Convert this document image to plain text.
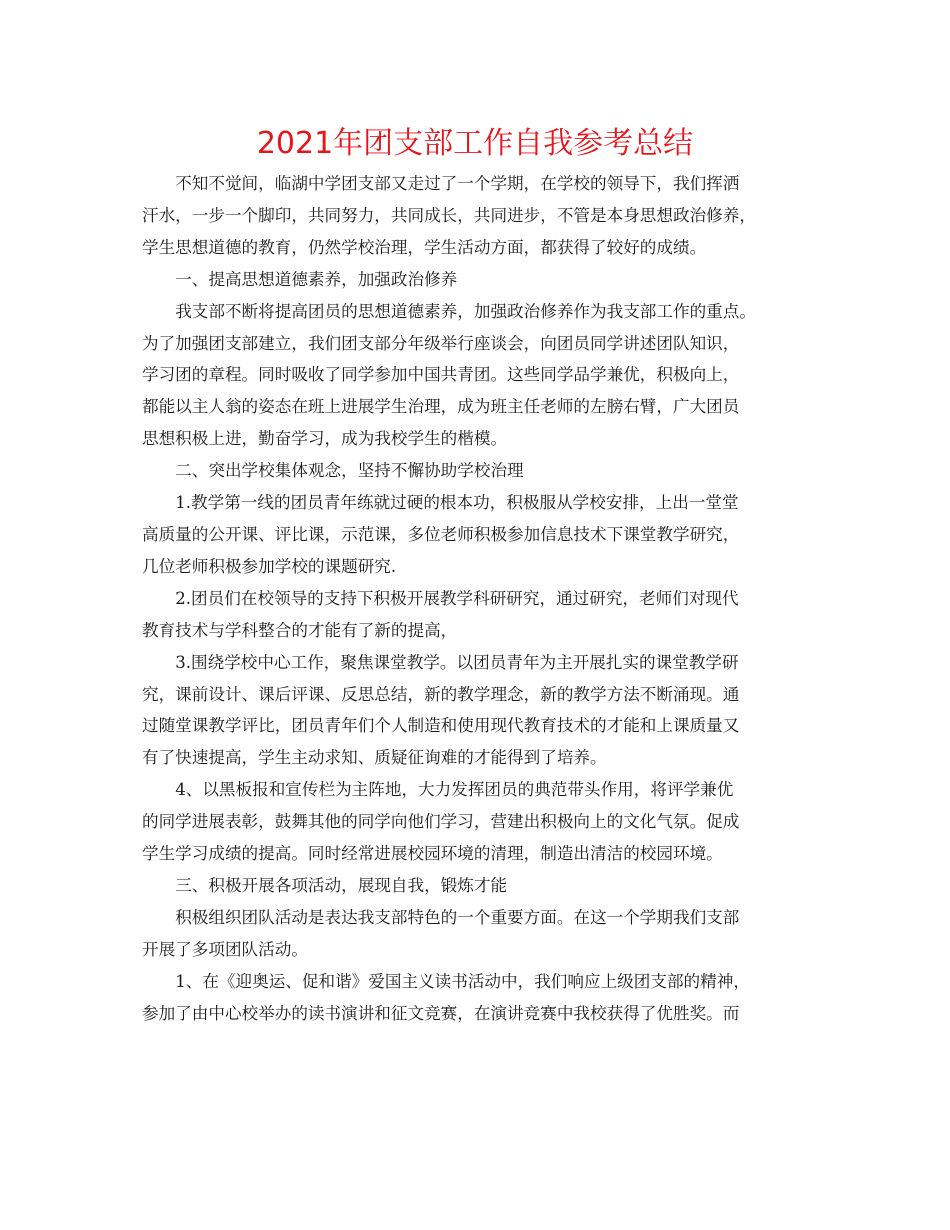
2021年团支部工作自我参考总结

不知不觉间，临湖中学团支部又走过了一个学期，在学校的领导下，我们挥洒
汗水，一步一个脚印，共同努力，共同成长，共同进步，不管是本身思想政治修养，
学生思想道德的教育，仍然学校治理，学生活动方面，都获得了较好的成绩。

一、提高思想道德素养，加强政治修养

我支部不断将提高团员的思想道德素养，加强政治修养作为我支部工作的重点。
为了加强团支部建立，我们团支部分年级举行座谈会，向团员同学讲述团队知识，
学习团的章程。同时吸收了同学参加中国共青团。这些同学品学兼优，积极向上，
都能以主人翁的姿态在班上进展学生治理，成为班主任老师的左膀右臂，广大团员
思想积极上进，勤奋学习，成为我校学生的楷模。

二、突出学校集体观念，坚持不懈协助学校治理

1.教学第一线的团员青年练就过硬的根本功，积极服从学校安排，上出一堂堂
高质量的公开课、评比课，示范课，多位老师积极参加信息技术下课堂教学研究，
几位老师积极参加学校的课题研究.

2.团员们在校领导的支持下积极开展教学科研研究，通过研究，老师们对现代
教育技术与学科整合的才能有了新的提高，

3.围绕学校中心工作，聚焦课堂教学。以团员青年为主开展扎实的课堂教学研
究，课前设计、课后评课、反思总结，新的教学理念，新的教学方法不断涌现。通
过随堂课教学评比，团员青年们个人制造和使用现代教育技术的才能和上课质量又
有了快速提高，学生主动求知、质疑征询难的才能得到了培养。

4、以黑板报和宣传栏为主阵地，大力发挥团员的典范带头作用，将评学兼优
的同学进展表彰，鼓舞其他的同学向他们学习，营建出积极向上的文化气氛。促成
学生学习成绩的提高。同时经常进展校园环境的清理，制造出清洁的校园环境。

三、积极开展各项活动，展现自我，锻炼才能

积极组织团队活动是表达我支部特色的一个重要方面。在这一个学期我们支部
开展了多项团队活动。

1、在《迎奥运、促和谐》爱国主义读书活动中，我们响应上级团支部的精神，
参加了由中心校举办的读书演讲和征文竞赛，在演讲竞赛中我校获得了优胜奖。而
